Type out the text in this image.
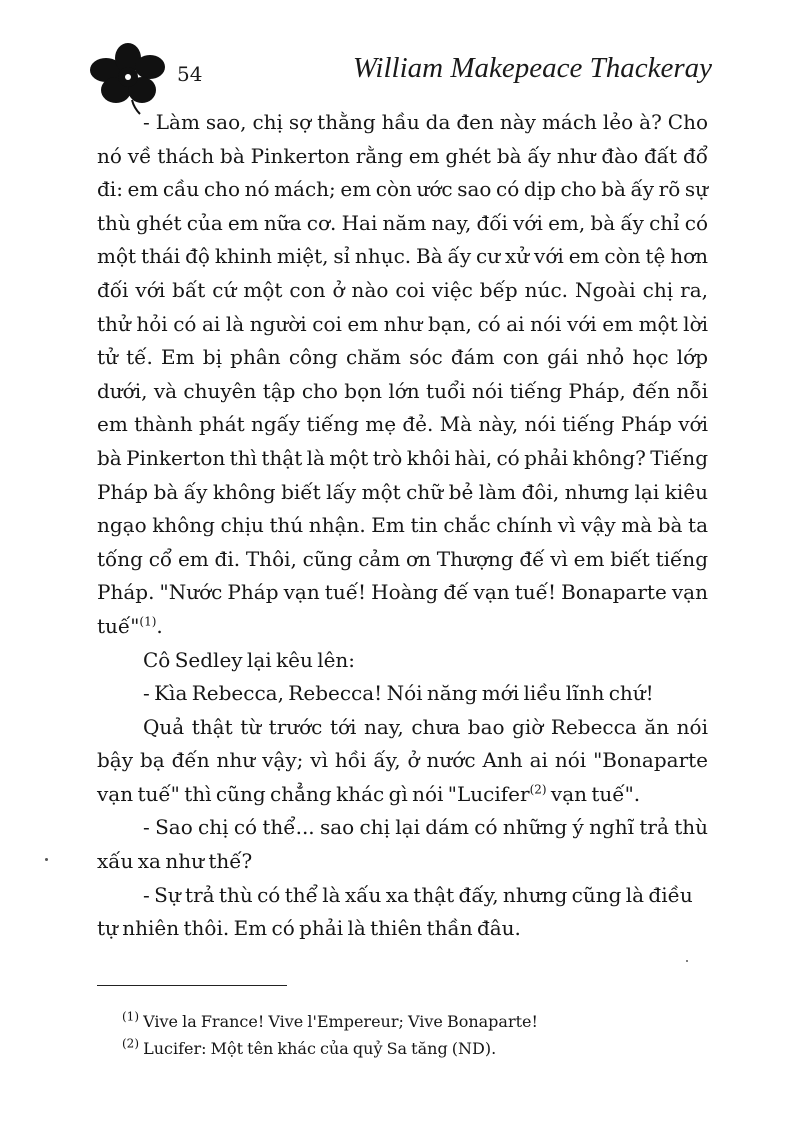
54	William Makepeace Thackeray

- Làm sao, chị sợ thằng hầu da đen này mách lẻo à? Cho nó về thách bà Pinkerton rằng em ghét bà ấy như đào đất đổ đi: em cầu cho nó mách; em còn ước sao có dịp cho bà ấy rõ sự thù ghét của em nữa cơ. Hai năm nay, đối với em, bà ấy chỉ có một thái độ khinh miệt, sỉ nhục. Bà ấy cư xử với em còn tệ hơn đối với bất cứ một con ở nào coi việc bếp núc. Ngoài chị ra, thử hỏi có ai là người coi em như bạn, có ai nói với em một lời tử tế. Em bị phân công chăm sóc đám con gái nhỏ học lớp dưới, và chuyên tập cho bọn lớn tuổi nói tiếng Pháp, đến nỗi em thành phát ngấy tiếng mẹ đẻ. Mà này, nói tiếng Pháp với bà Pinkerton thì thật là một trò khôi hài, có phải không? Tiếng Pháp bà ấy không biết lấy một chữ bẻ làm đôi, nhưng lại kiêu ngạo không chịu thú nhận. Em tin chắc chính vì vậy mà bà ta tống cổ em đi. Thôi, cũng cảm ơn Thượng đế vì em biết tiếng Pháp. "Nước Pháp vạn tuế! Hoàng đế vạn tuế! Bonaparte vạn tuế"$^{(1)}$.

Cô Sedley lại kêu lên:

- Kìa Rebecca, Rebecca! Nói năng mới liều lĩnh chứ!

Quả thật từ trước tới nay, chưa bao giờ Rebecca ăn nói bậy bạ đến như vậy; vì hồi ấy, ở nước Anh ai nói "Bonaparte vạn tuế" thì cũng chẳng khác gì nói "Lucifer$^{(2)}$ vạn tuế".

- Sao chị có thể... sao chị lại dám có những ý nghĩ trả thù xấu xa như thế?

- Sự trả thù có thể là xấu xa thật đấy, nhưng cũng là điều tự nhiên thôi. Em có phải là thiên thần đâu.

$^{(1)}$ Vive la France! Vive l'Empereur; Vive Bonaparte!

$^{(2)}$ Lucifer: Một tên khác của quỷ Sa tăng (ND).
